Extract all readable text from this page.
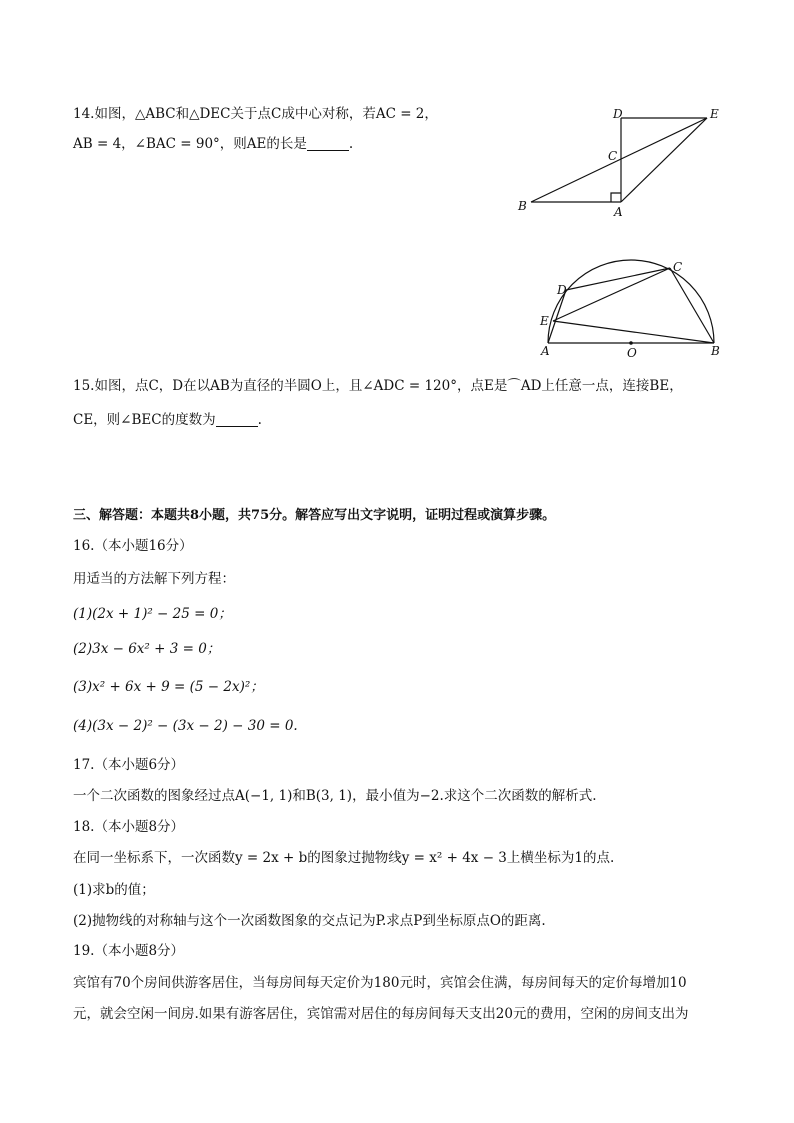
14.如图，△ABC和△DEC关于点C成中心对称，若AC = 2，
AB = 4，∠BAC = 90°，则AE的长是	.
D	E
C
B	A
C
D
E
A	O	B
15.如图，点C，D在以AB为直径的半圆O上，且∠ADC = 120°，点E是⌒AD上任意一点，连接BE，
CE，则∠BEC的度数为	.
三、解答题：本题共8小题，共75分。解答应写出文字说明，证明过程或演算步骤。
16.（本小题16分）
用适当的方法解下列方程：
(1)(2x + 1)² − 25 = 0；
(2)3x − 6x² + 3 = 0；
(3)x² + 6x + 9 = (5 − 2x)²；
(4)(3x − 2)² − (3x − 2) − 30 = 0.
17.（本小题6分）
一个二次函数的图象经过点A(−1, 1)和B(3, 1)，最小值为−2.求这个二次函数的解析式.
18.（本小题8分）
在同一坐标系下，一次函数y = 2x + b的图象过抛物线y = x² + 4x − 3上横坐标为1的点.
(1)求b的值；
(2)抛物线的对称轴与这个一次函数图象的交点记为P.求点P到坐标原点O的距离.
19.（本小题8分）
宾馆有70个房间供游客居住，当每房间每天定价为180元时，宾馆会住满，每房间每天的定价每增加10
元，就会空闲一间房.如果有游客居住，宾馆需对居住的每房间每天支出20元的费用，空闲的房间支出为
